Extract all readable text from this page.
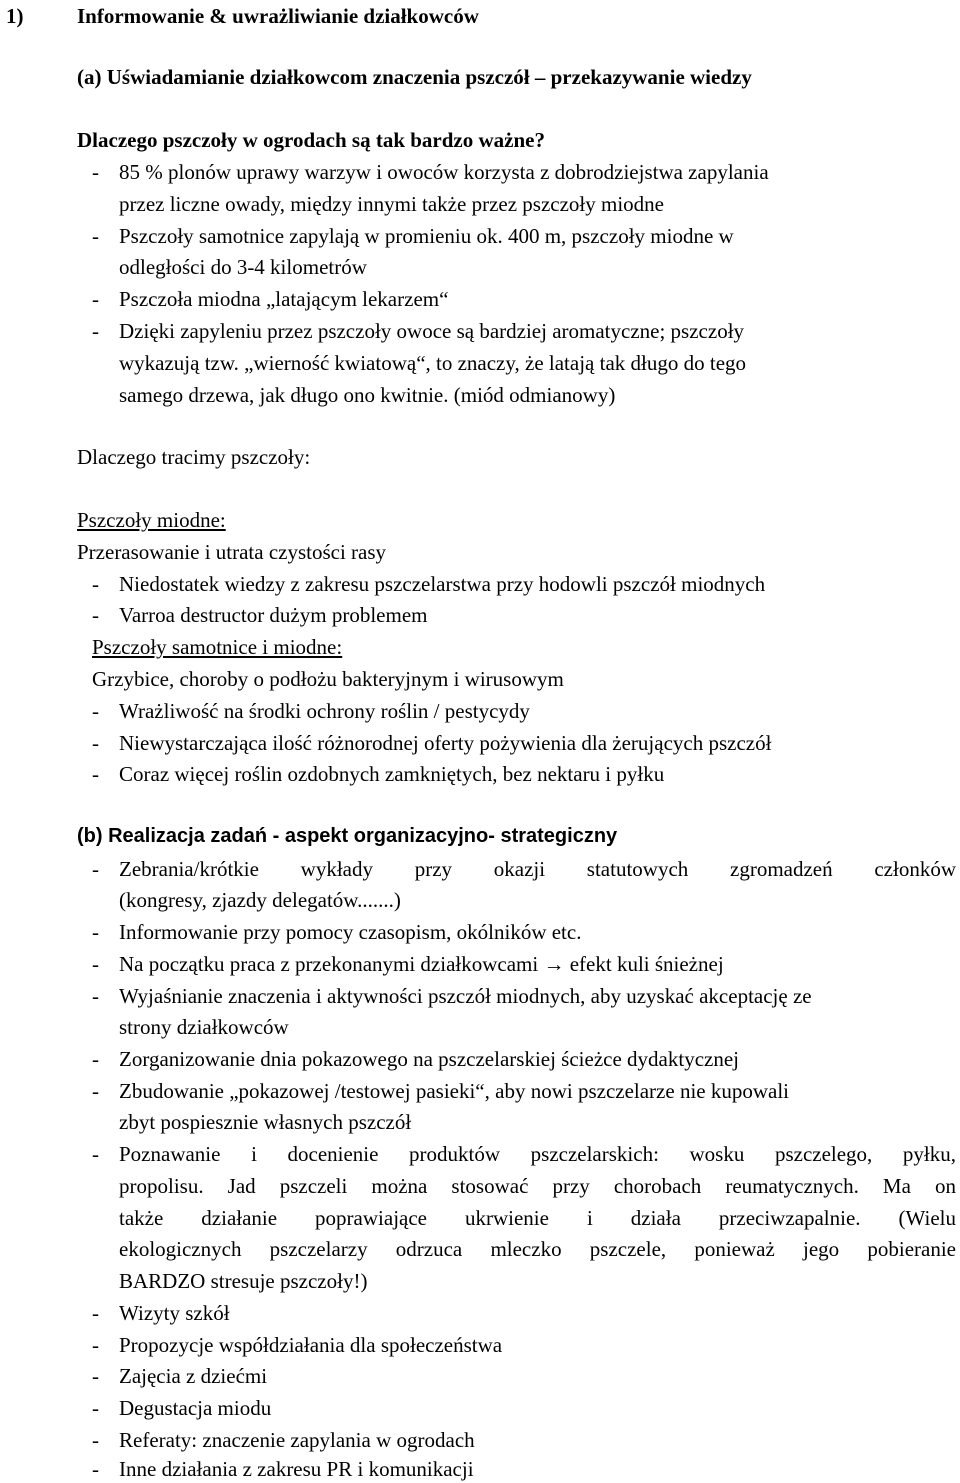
1)	Informowanie & uwrażliwianie działkowców
(a) Uświadamianie działkowcom znaczenia pszczół – przekazywanie wiedzy
Dlaczego pszczoły w ogrodach są tak bardzo ważne?
- 85 % plonów uprawy warzyw i owoców korzysta z dobrodziejstwa zapylania
przez liczne owady, między innymi także przez pszczoły miodne
- Pszczoły samotnice zapylają w promieniu ok. 400 m, pszczoły miodne w
odległości do 3-4 kilometrów
- Pszczoła miodna „latającym lekarzem“
- Dzięki zapyleniu przez pszczoły owoce są bardziej aromatyczne; pszczoły
wykazują tzw. „wierność kwiatową“, to znaczy, że latają tak długo do tego
samego drzewa, jak długo ono kwitnie. (miód odmianowy)
Dlaczego tracimy pszczoły:
Pszczoły miodne:
Przerasowanie i utrata czystości rasy
- Niedostatek wiedzy z zakresu pszczelarstwa przy hodowli pszczół miodnych
- Varroa destructor dużym problemem
Pszczoły samotnice i miodne:
Grzybice, choroby o podłożu bakteryjnym i wirusowym
- Wrażliwość na środki ochrony roślin / pestycydy
- Niewystarczająca ilość różnorodnej oferty pożywienia dla żerujących pszczół
- Coraz więcej roślin ozdobnych zamkniętych, bez nektaru i pyłku
(b) Realizacja zadań - aspekt organizacyjno- strategiczny
- Zebrania/krótkie wykłady przy okazji statutowych zgromadzeń członków
(kongresy, zjazdy delegatów.......)
- Informowanie przy pomocy czasopism, okólników etc.
- Na początku praca z przekonanymi działkowcami → efekt kuli śnieżnej
- Wyjaśnianie znaczenia i aktywności pszczół miodnych, aby uzyskać akceptację ze
strony działkowców
- Zorganizowanie dnia pokazowego na pszczelarskiej ścieżce dydaktycznej
- Zbudowanie „pokazowej /testowej pasieki“, aby nowi pszczelarze nie kupowali
zbyt pospiesznie własnych pszczół
- Poznawanie i docenienie produktów pszczelarskich: wosku pszczelego, pyłku,
propolisu. Jad pszczeli można stosować przy chorobach reumatycznych. Ma on
także działanie poprawiające ukrwienie i działa przeciwzapalnie. (Wielu
ekologicznych pszczelarzy odrzuca mleczko pszczele, ponieważ jego pobieranie
BARDZO stresuje pszczoły!)
- Wizyty szkół
- Propozycje współdziałania dla społeczeństwa
- Zajęcia z dziećmi
- Degustacja miodu
- Referaty: znaczenie zapylania w ogrodach
- Inne działania z zakresu PR i komunikacji
